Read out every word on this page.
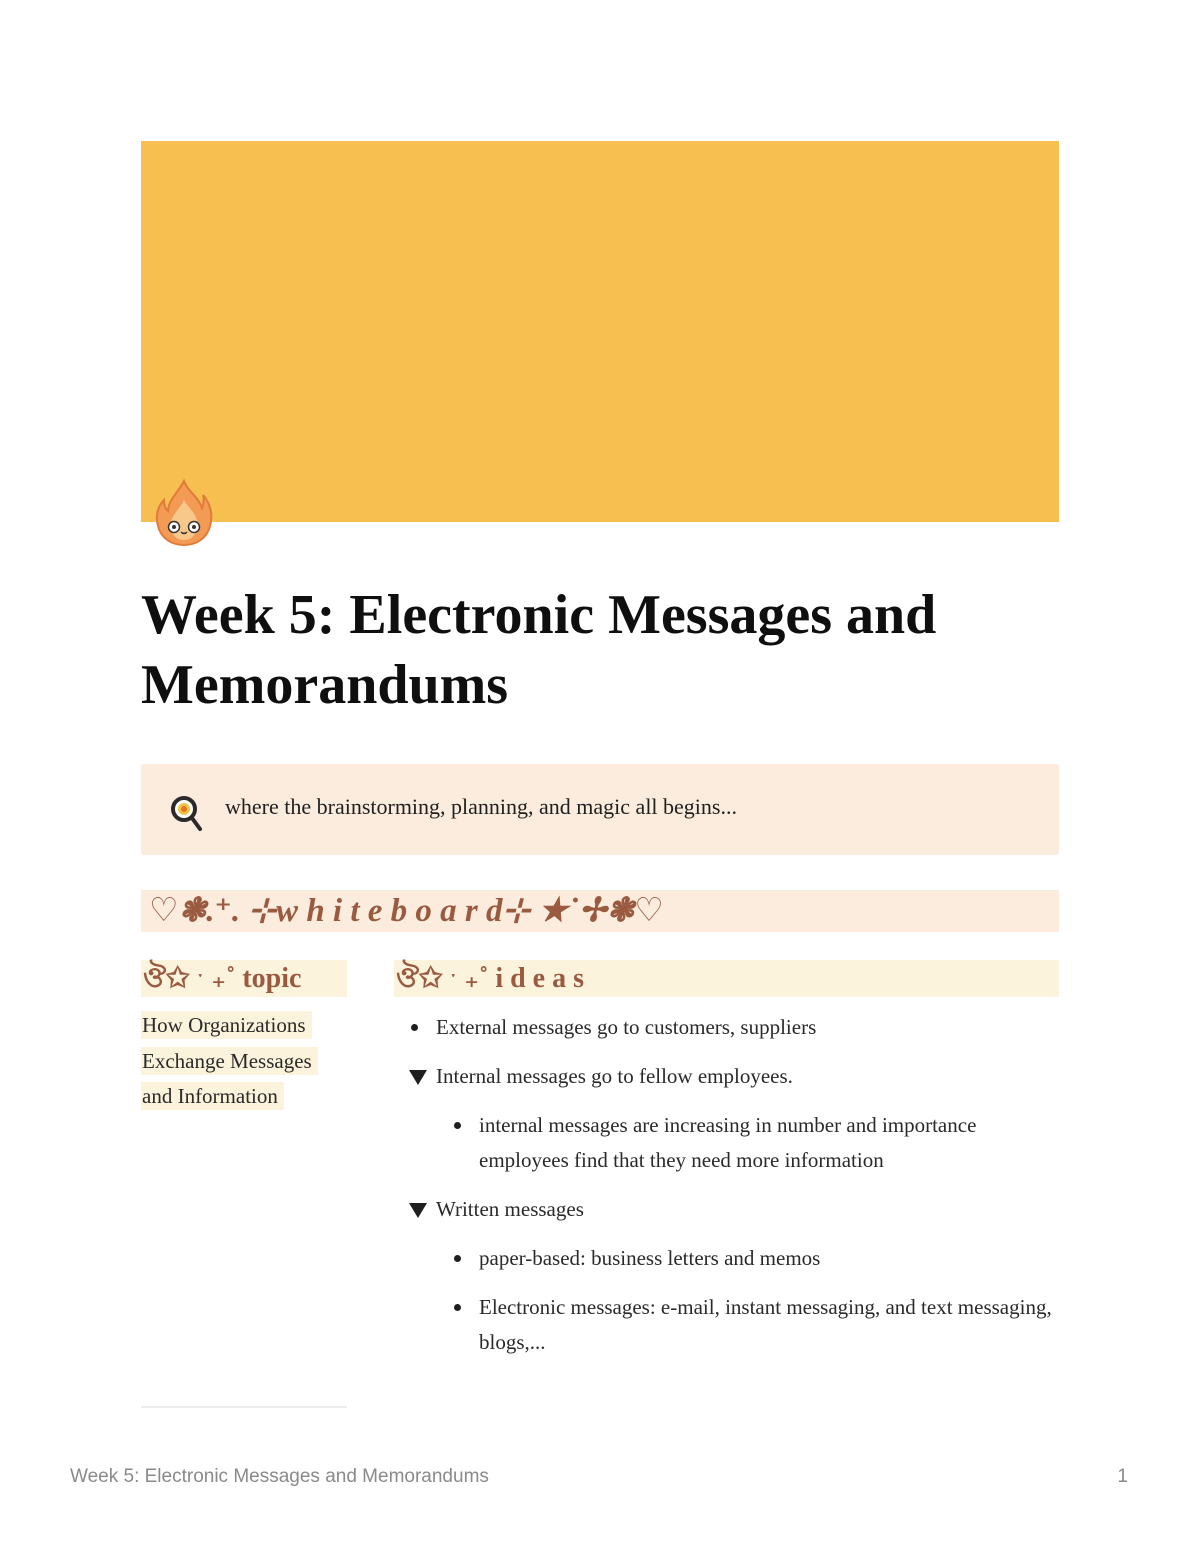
Week 5: Electronic Messages and Memorandums
where the brainstorming, planning, and magic all begins...
♡❃.⁺. ⊹w h i t e b o a r d⊹ ★˙✢❃♡
ঔ✩ ˑ ₊˚ topic	ঔ✩ ˑ ₊˚ i d e a s
How Organizations
Exchange Messages
and Information
External messages go to customers, suppliers
Internal messages go to fellow employees.
internal messages are increasing in number and importance employees find that they need more information
Written messages
paper-based: business letters and memos
Electronic messages: e-mail, instant messaging, and text messaging, blogs,...
Week 5: Electronic Messages and Memorandums	1
